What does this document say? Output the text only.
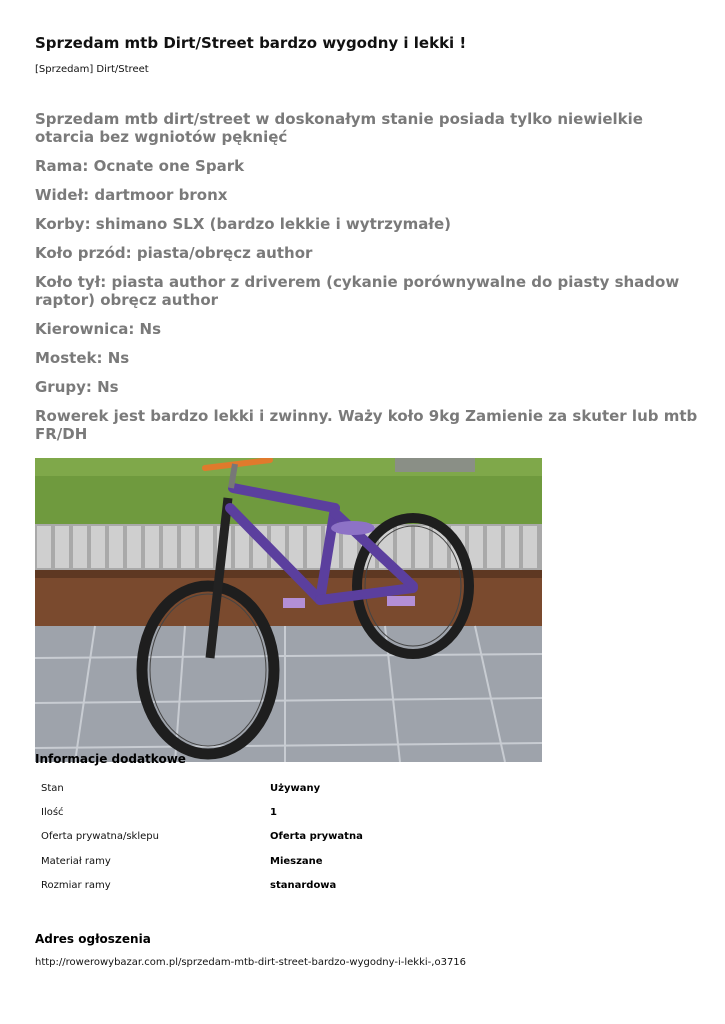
Sprzedam mtb Dirt/Street bardzo wygodny i lekki !
[Sprzedam] Dirt/Street

Sprzedam mtb dirt/street w doskonałym stanie posiada tylko niewielkie otarcia bez wgniotów pęknięć

Rama: Ocnate one Spark

Wideł: dartmoor bronx

Korby: shimano SLX (bardzo lekkie i wytrzymałe)

Koło przód: piasta/obręcz author

Koło tył: piasta author z driverem (cykanie porównywalne do piasty shadow raptor) obręcz author

Kierownica: Ns

Mostek: Ns

Grupy: Ns

Rowerek jest bardzo lekki i zwinny. Waży koło 9kg Zamienie za skuter lub mtb FR/DH

Informacje dodatkowe
Stan	Używany
Ilość	1
Oferta prywatna/sklepu	Oferta prywatna
Materiał ramy	Mieszane
Rozmiar ramy	stanardowa
Adres ogłoszenia
http://rowerowybazar.com.pl/sprzedam-mtb-dirt-street-bardzo-wygodny-i-lekki-,o3716
